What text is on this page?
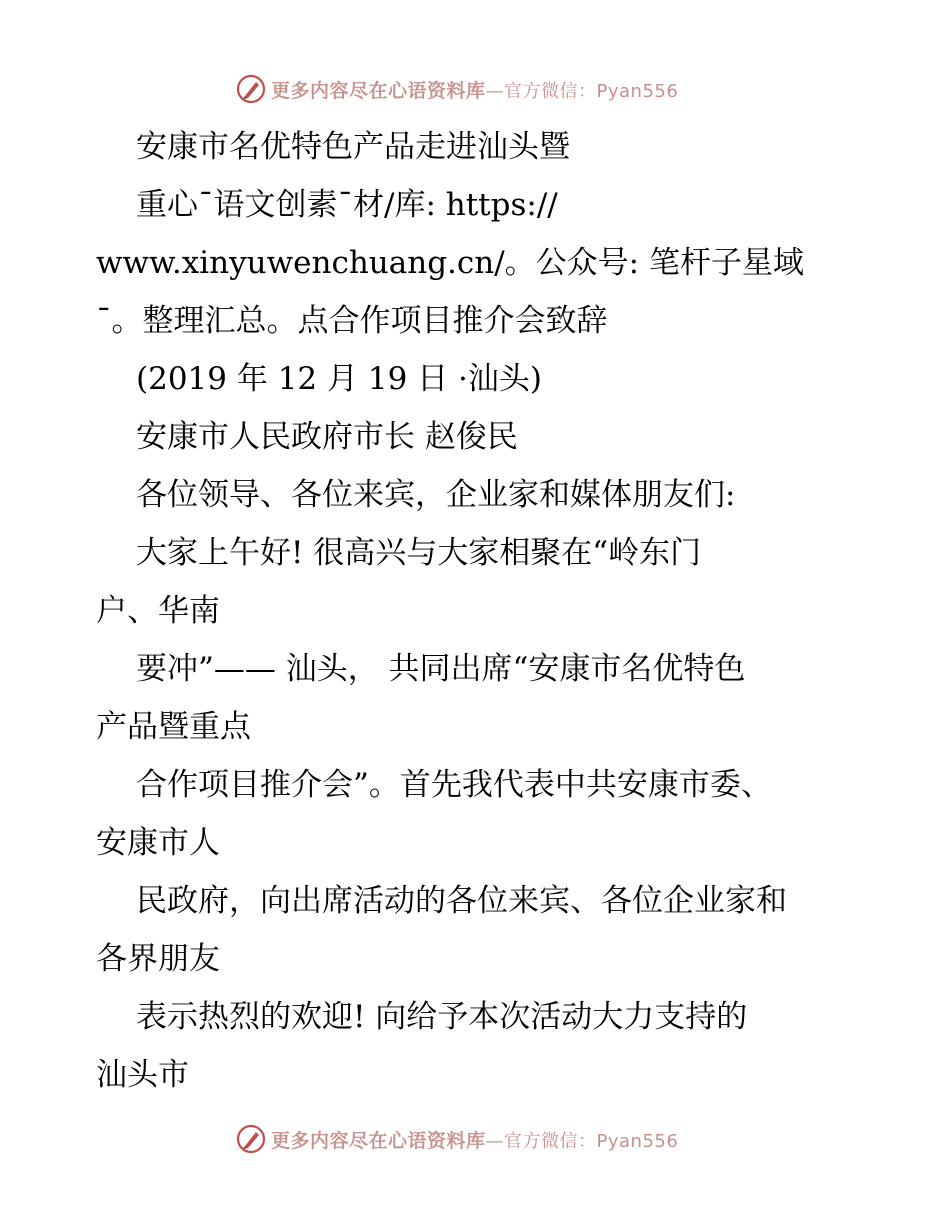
更多内容尽在心语资料库—官方微信：Pyan556
安康市名优特色产品走进汕头暨
重心¯语文创素¯材/库: https://
www.xinyuwenchuang.cn/。公众号: 笔杆子星域
¯。整理汇总。点合作项目推介会致辞
(2019 年 12 月 19 日 ·汕头)
安康市人民政府市长 赵俊民
各位领导、各位来宾，企业家和媒体朋友们:
大家上午好! 很高兴与大家相聚在“岭东门
户、华南
要冲”—— 汕头， 共同出席“安康市名优特色
产品暨重点
合作项目推介会”。首先我代表中共安康市委、
安康市人
民政府，向出席活动的各位来宾、各位企业家和
各界朋友
表示热烈的欢迎! 向给予本次活动大力支持的
汕头市
更多内容尽在心语资料库—官方微信：Pyan556
